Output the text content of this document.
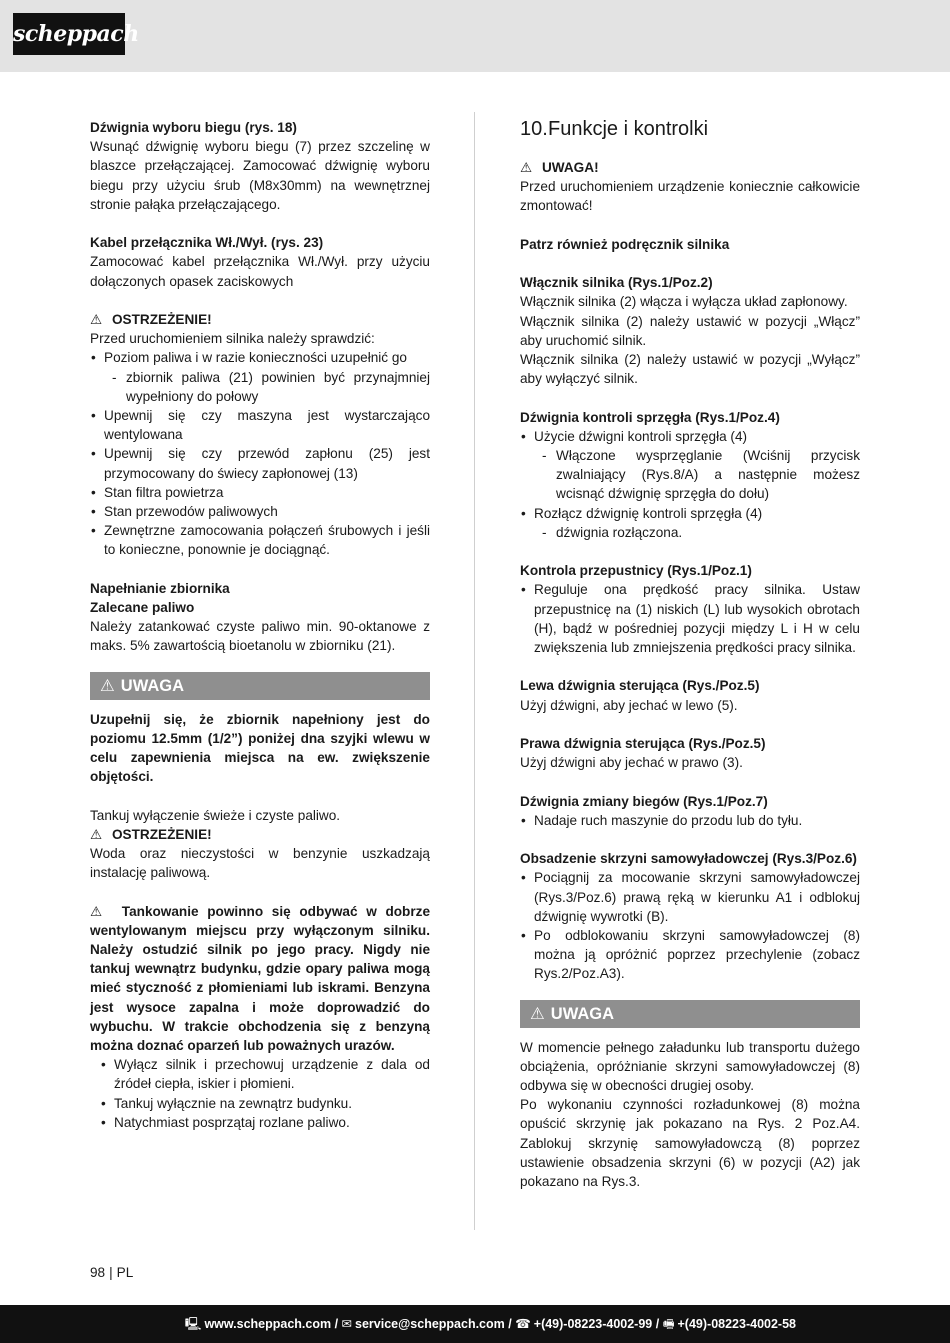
scheppach

Dźwignia wyboru biegu (rys. 18)

Wsunąć dźwignię wyboru biegu (7) przez szczelinę w blaszce przełączającej. Zamocować dźwignię wyboru biegu przy użyciu śrub (M8x30mm) na wewnętrznej stronie pałąka przełączającego.

Kabel przełącznika Wł./Wył. (rys. 23)

Zamocować kabel przełącznika Wł./Wył. przy użyciu dołączonych opasek zaciskowych

⚠ OSTRZEŻENIE!

Przed uruchomieniem silnika należy sprawdzić:

• Poziom paliwa i w razie konieczności uzupełnić go
- zbiornik paliwa (21) powinien być przynajmniej wypełniony do połowy
• Upewnij się czy maszyna jest wystarczająco wentylowana
• Upewnij się czy przewód zapłonu (25) jest przymocowany do świecy zapłonowej (13)
• Stan filtra powietrza
• Stan przewodów paliwowych
• Zewnętrzne zamocowania połączeń śrubowych i jeśli to konieczne, ponownie je dociągnąć.

Napełnianie zbiornika

Zalecane paliwo

Należy zatankować czyste paliwo min. 90-oktanowe z maks. 5% zawartością bioetanolu w zbiorniku (21).

⚠ UWAGA

Uzupełnij się, że zbiornik napełniony jest do poziomu 12.5mm (1/2”) poniżej dna szyjki wlewu w celu zapewnienia miejsca na ew. zwiększenie objętości.

Tankuj wyłączenie świeże i czyste paliwo.

⚠ OSTRZEŻENIE!

Woda oraz nieczystości w benzynie uszkadzają instalację paliwową.

⚠ Tankowanie powinno się odbywać w dobrze wentylowanym miejscu przy wyłączonym silniku. Należy ostudzić silnik po jego pracy. Nigdy nie tankuj wewnątrz budynku, gdzie opary paliwa mogą mieć styczność z płomieniami lub iskrami. Benzyna jest wysoce zapalna i może doprowadzić do wybuchu. W trakcie obchodzenia się z benzyną można doznać oparzeń lub poważnych urazów.

• Wyłącz silnik i przechowuj urządzenie z dala od źródeł ciepła, iskier i płomieni.
• Tankuj wyłącznie na zewnątrz budynku.
• Natychmiast posprzątaj rozlane paliwo.
10.Funkcje i kontrolki

⚠ UWAGA!

Przed uruchomieniem urządzenie koniecznie całkowicie zmontować!

Patrz również podręcznik silnika

Włącznik silnika (Rys.1/Poz.2)

Włącznik silnika (2) włącza i wyłącza układ zapłonowy.

Włącznik silnika (2) należy ustawić w pozycji „Włącz” aby uruchomić silnik.

Włącznik silnika (2) należy ustawić w pozycji „Wyłącz” aby wyłączyć silnik.

Dźwignia kontroli sprzęgła (Rys.1/Poz.4)

• Użycie dźwigni kontroli sprzęgła (4)
- Włączone wysprzęglanie (Wciśnij przycisk zwalniający (Rys.8/A) a następnie możesz wcisnąć dźwignię sprzęgła do dołu)
• Rozłącz dźwignię kontroli sprzęgła (4)
- dźwignia rozłączona.

Kontrola przepustnicy (Rys.1/Poz.1)

• Reguluje ona prędkość pracy silnika. Ustaw przepustnicę na (1) niskich (L) lub wysokich obrotach (H), bądź w pośredniej pozycji między L i H w celu zwiększenia lub zmniejszenia prędkości pracy silnika.

Lewa dźwignia sterująca (Rys./Poz.5)

Użyj dźwigni, aby jechać w lewo (5).

Prawa dźwignia sterująca (Rys./Poz.5)

Użyj dźwigni aby jechać w prawo (3).

Dźwignia zmiany biegów (Rys.1/Poz.7)

• Nadaje ruch maszynie do przodu lub do tyłu.

Obsadzenie skrzyni samowyładowczej (Rys.3/Poz.6)

• Pociągnij za mocowanie skrzyni samowyładowczej (Rys.3/Poz.6) prawą ręką w kierunku A1 i odblokuj dźwignię wywrotki (B).
• Po odblokowaniu skrzyni samowyładowczej (8) można ją opróżnić poprzez przechylenie (zobacz Rys.2/Poz.A3).
⚠ UWAGA

W momencie pełnego załadunku lub transportu dużego obciążenia, opróżnianie skrzyni samowyładowczej (8) odbywa się w obecności drugiej osoby.

Po wykonaniu czynności rozładunkowej (8) można opuścić skrzynię jak pokazano na Rys. 2 Poz.A4. Zablokuj skrzynię samowyładowczą (8) poprzez ustawienie obsadzenia skrzyni (6) w pozycji (A2) jak pokazano na Rys.3.

98 | PL
🖳 www.scheppach.com / ✉ service@scheppach.com / ☎ +(49)-08223-4002-99 / 🖷 +(49)-08223-4002-58
